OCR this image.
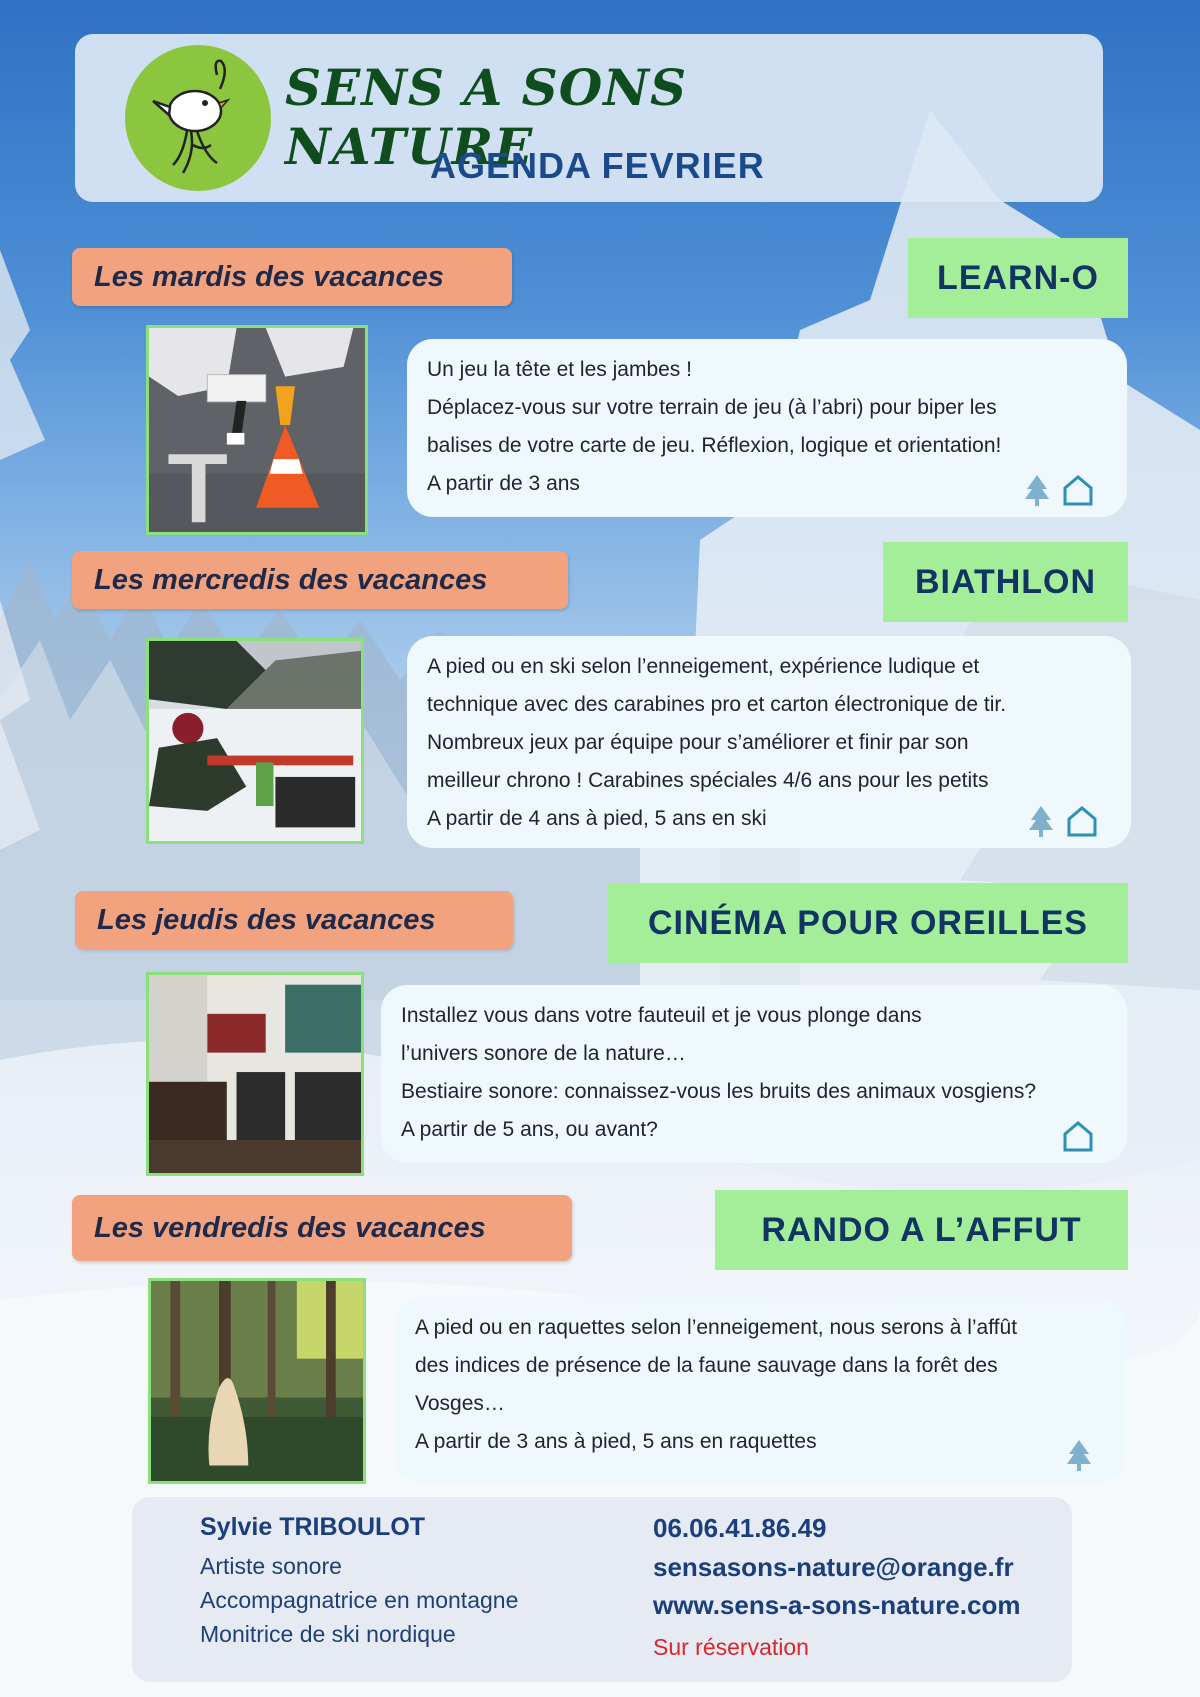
SENS A SONS NATURE
AGENDA FEVRIER
Les mardis des vacances	LEARN-O

Un jeu la tête et les jambes !

Déplacez-vous sur votre terrain de jeu (à l’abri) pour biper les

balises de votre carte de jeu. Réflexion, logique et orientation!

A partir de 3 ans

Les mercredis des vacances	BIATHLON

A pied ou en ski selon l’enneigement, expérience ludique et

technique avec des carabines pro et carton électronique de tir.

Nombreux jeux par équipe pour s’améliorer et finir par son

meilleur chrono ! Carabines spéciales 4/6 ans pour les petits

A partir de 4 ans à pied, 5 ans en ski

Les jeudis des vacances	CINÉMA POUR OREILLES

Installez vous dans votre fauteuil et je vous plonge dans

l’univers sonore de la nature…

Bestiaire sonore: connaissez-vous les bruits des animaux vosgiens?

A partir de 5 ans, ou avant?

Les vendredis des vacances	RANDO A L’AFFUT

A pied ou en raquettes selon l’enneigement, nous serons à l’affût

des indices de présence de la faune sauvage dans la forêt des

Vosges…

A partir de 3 ans à pied, 5 ans en raquettes

Sylvie TRIBOULOT
Artiste sonore
Accompagnatrice en montagne
Monitrice de ski nordique
06.06.41.86.49
sensasons-nature@orange.fr
www.sens-a-sons-nature.com
Sur réservation
